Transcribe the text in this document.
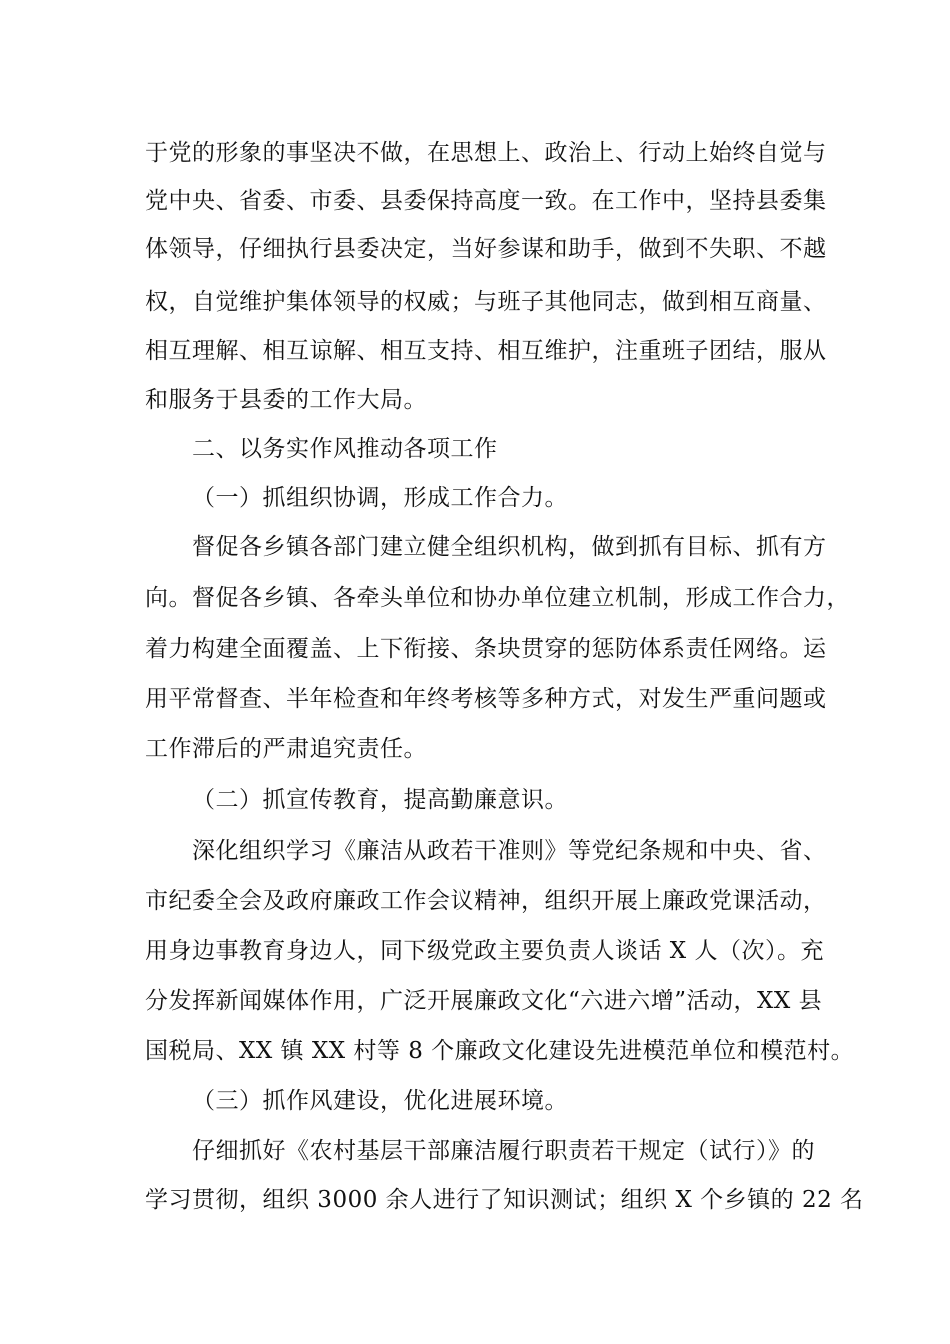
于党的形象的事坚决不做，在思想上、政治上、行动上始终自觉与
党中央、省委、市委、县委保持高度一致。在工作中，坚持县委集
体领导，仔细执行县委决定，当好参谋和助手，做到不失职、不越
权，自觉维护集体领导的权威；与班子其他同志，做到相互商量、
相互理解、相互谅解、相互支持、相互维护，注重班子团结，服从
和服务于县委的工作大局。
二、以务实作风推动各项工作
（一）抓组织协调，形成工作合力。
督促各乡镇各部门建立健全组织机构，做到抓有目标、抓有方
向。督促各乡镇、各牵头单位和协办单位建立机制，形成工作合力，
着力构建全面覆盖、上下衔接、条块贯穿的惩防体系责任网络。运
用平常督查、半年检查和年终考核等多种方式，对发生严重问题或
工作滞后的严肃追究责任。
（二）抓宣传教育，提高勤廉意识。
深化组织学习《廉洁从政若干准则》等党纪条规和中央、省、
市纪委全会及政府廉政工作会议精神，组织开展上廉政党课活动，
用身边事教育身边人，同下级党政主要负责人谈话 X 人（次）。充
分发挥新闻媒体作用，广泛开展廉政文化“六进六增”活动，XX 县
国税局、XX 镇 XX 村等 8 个廉政文化建设先进模范单位和模范村。
（三）抓作风建设，优化进展环境。
仔细抓好《农村基层干部廉洁履行职责若干规定（试行）》的
学习贯彻，组织 3000 余人进行了知识测试；组织 X 个乡镇的 22 名
